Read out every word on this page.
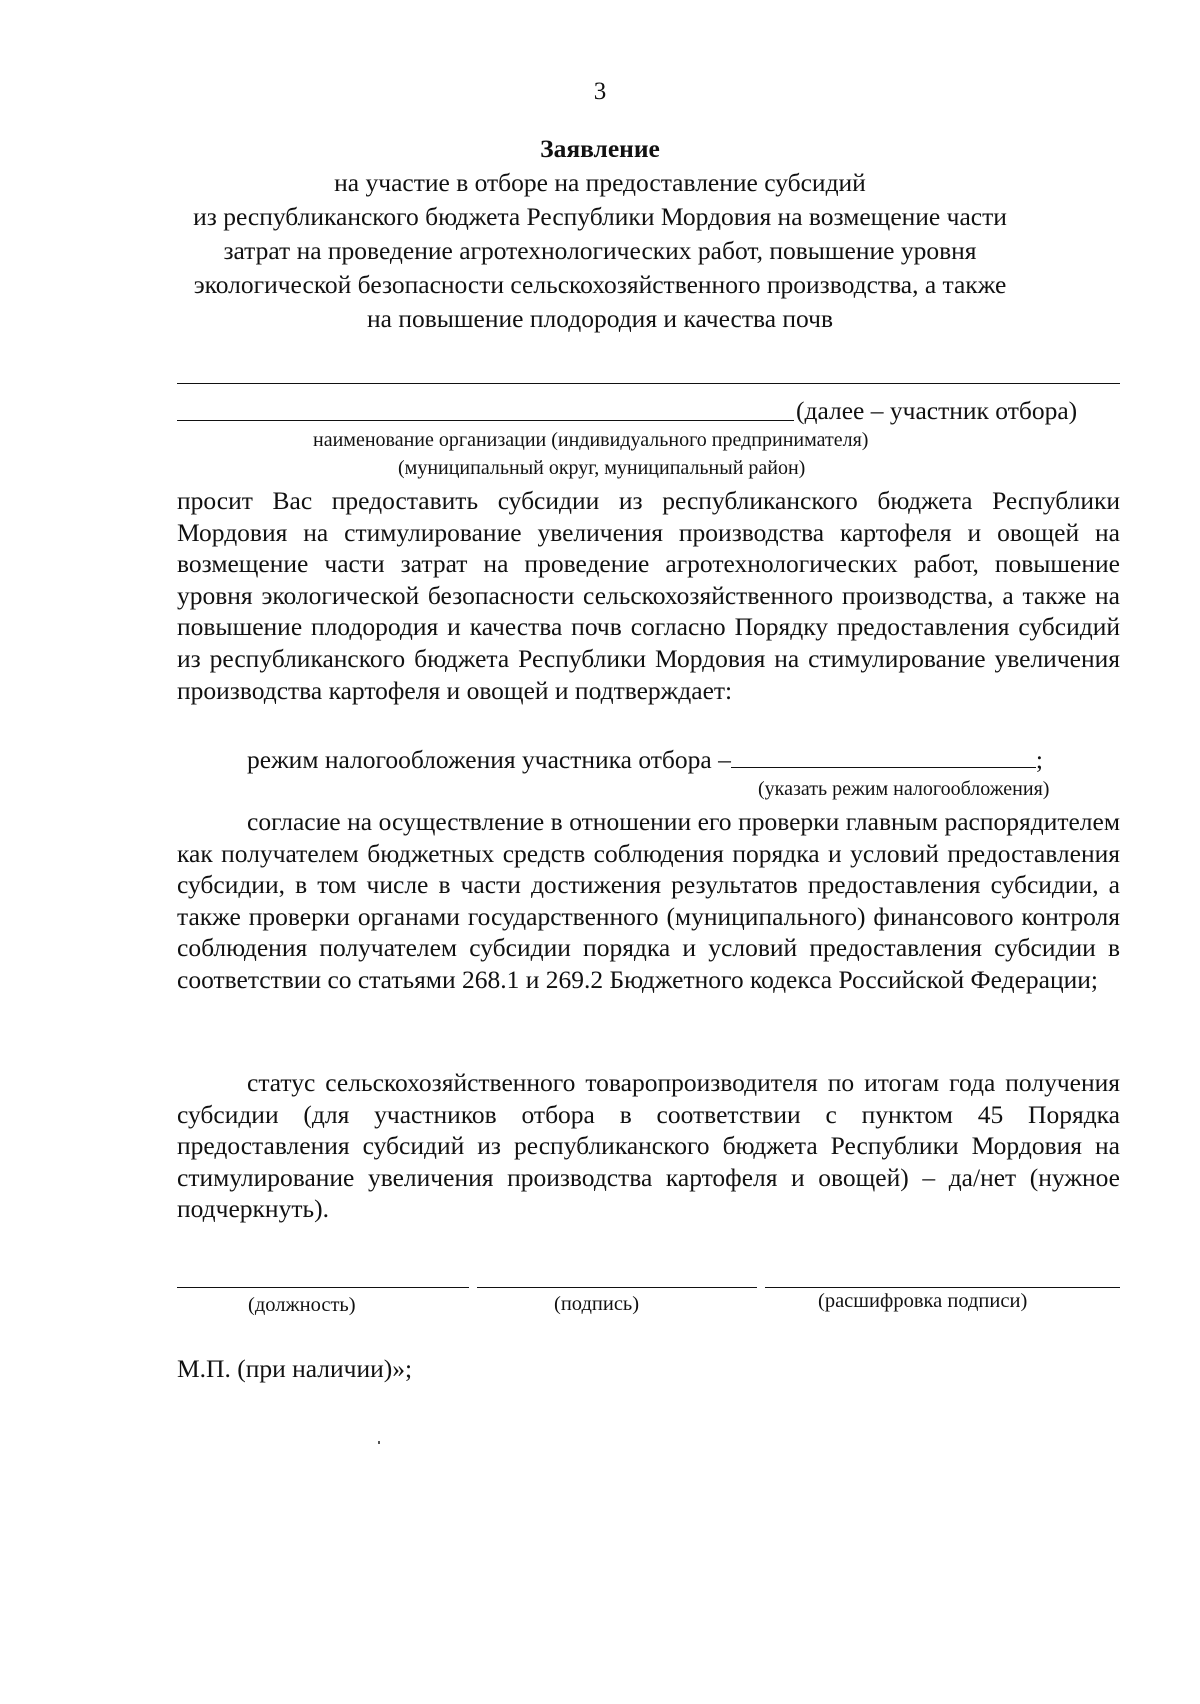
3
Заявление
на участие в отборе на предоставление субсидий
из республиканского бюджета Республики Мордовия на возмещение части
затрат на проведение агротехнологических работ, повышение уровня
экологической безопасности сельскохозяйственного производства, а также
на повышение плодородия и качества почв
(далее – участник отбора)
наименование организации (индивидуального предпринимателя)
(муниципальный округ, муниципальный район)

просит Вас предоставить субсидии из республиканского бюджета Республики Мордовия на стимулирование увеличения производства картофеля и овощей на возмещение части затрат на проведение агротехнологических работ, повышение уровня экологической безопасности сельскохозяйственного производства, а также на повышение плодородия и качества почв согласно Порядку предоставления субсидий из республиканского бюджета Республики Мордовия на стимулирование увеличения производства картофеля и овощей и подтверждает:

режим налогообложения участника отбора –	;
(указать режим налогообложения)

согласие на осуществление в отношении его проверки главным распорядителем как получателем бюджетных средств соблюдения порядка и условий предоставления субсидии, в том числе в части достижения результатов предоставления субсидии, а также проверки органами государственного (муниципального) финансового контроля соблюдения получателем субсидии порядка и условий предоставления субсидии в соответствии со статьями 268.1 и 269.2 Бюджетного кодекса Российской Федерации;

статус сельскохозяйственного товаропроизводителя по итогам года получения субсидии (для участников отбора в соответствии с пунктом 45 Порядка предоставления субсидий из республиканского бюджета Республики Мордовия на стимулирование увеличения производства картофеля и овощей) – да/нет (нужное подчеркнуть).

(должность)	(подпись)	(расшифровка подписи)
М.П. (при наличии)»;
